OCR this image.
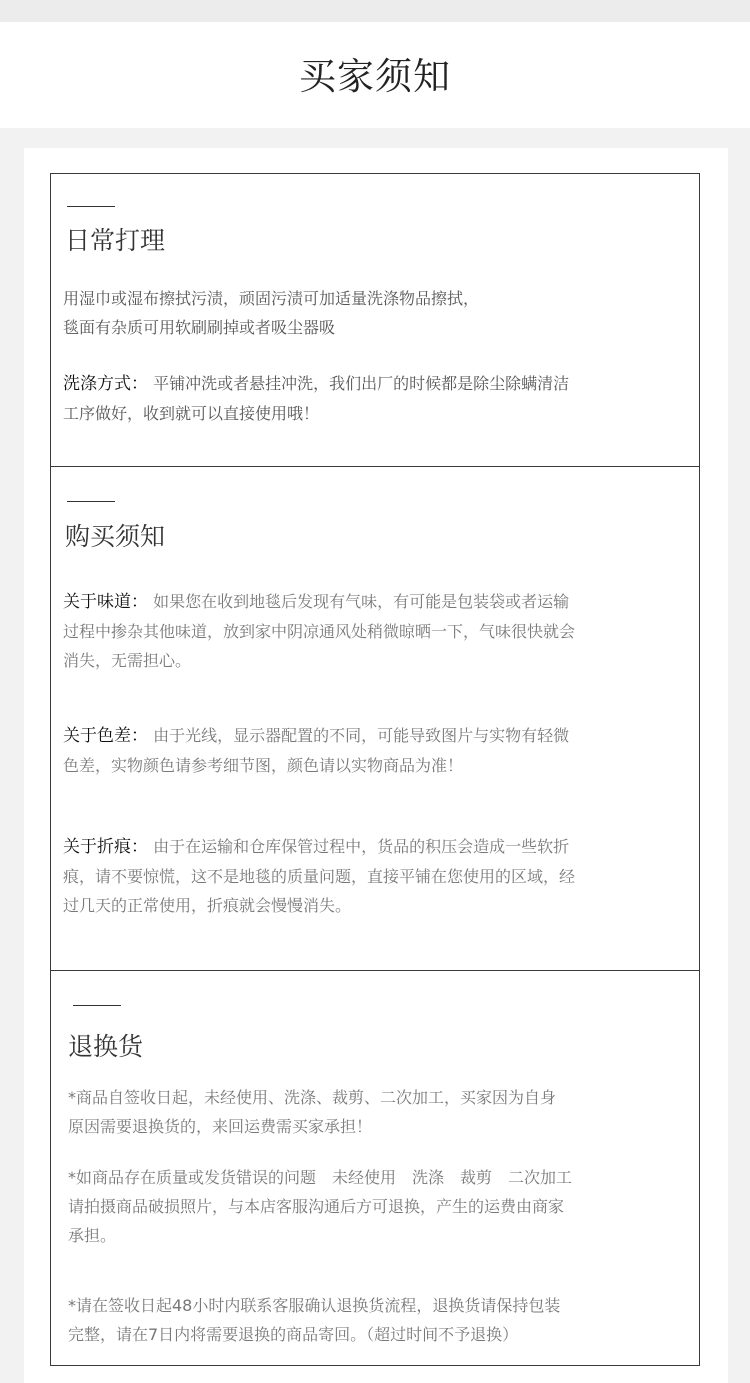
买家须知
日常打理
用湿巾或湿布擦拭污渍，顽固污渍可加适量洗涤物品擦拭，
毯面有杂质可用软刷刷掉或者吸尘器吸
洗涤方式： 平铺冲洗或者悬挂冲洗，我们出厂的时候都是除尘除螨清洁
工序做好，收到就可以直接使用哦！
购买须知
关于味道： 如果您在收到地毯后发现有气味，有可能是包装袋或者运输
过程中掺杂其他味道，放到家中阴凉通风处稍微晾晒一下，气味很快就会
消失，无需担心。
关于色差： 由于光线，显示器配置的不同，可能导致图片与实物有轻微
色差，实物颜色请参考细节图，颜色请以实物商品为准！
关于折痕： 由于在运输和仓库保管过程中，货品的积压会造成一些软折
痕，请不要惊慌，这不是地毯的质量问题，直接平铺在您使用的区域，经
过几天的正常使用，折痕就会慢慢消失。
退换货
*商品自签收日起，未经使用、洗涤、裁剪、二次加工，买家因为自身
原因需要退换货的，来回运费需买家承担！
*如商品存在质量或发货错误的问题　未经使用　洗涤　裁剪　二次加工
请拍摄商品破损照片，与本店客服沟通后方可退换，产生的运费由商家
承担。
*请在签收日起48小时内联系客服确认退换货流程，退换货请保持包装
完整，请在7日内将需要退换的商品寄回。（超过时间不予退换）
